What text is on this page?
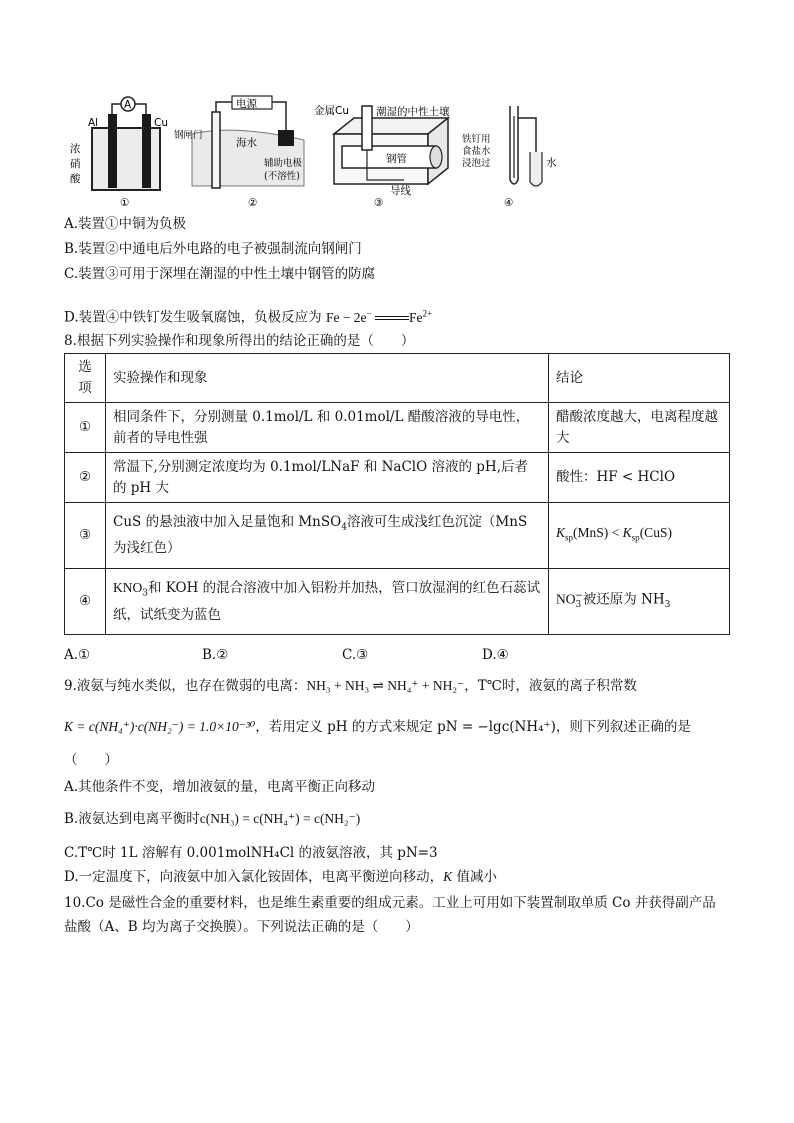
A
Al	Cu
浓
硝
酸
①
电源
钢闸门
海水
辅助电极
(不溶性)
②
金属Cu	潮湿的中性土壤
钢管
导线
③
铁钉用
食盐水
浸泡过	水
④
A.装置①中铜为负极
B.装置②中通电后外电路的电子被强制流向钢闸门
C.装置③可用于深埋在潮湿的中性土壤中钢管的防腐
D.装置④中铁钉发生吸氧腐蚀，负极反应为 Fe − 2e−	$Fe^{2+}$
8.根据下列实验操作和现象所得出的结论正确的是（　　）
选
项	实验操作和现象	结论
①	相同条件下，分别测量 0.1mol/L 和 0.01mol/L 醋酸溶液的导电性，前者的导电性强	醋酸浓度越大，电离程度越大
②	常温下,分别测定浓度均为 0.1mol/LNaF 和 NaClO 溶液的 pH,后者的 pH 大	酸性：HF < HClO
③	CuS 的悬浊液中加入足量饱和 MnSO$_4$溶液可生成浅红色沉淀（MnS 为浅红色）	$K_{sp}(MnS) < K_{sp}(CuS)$
④	$KNO_3$和 KOH 的混合溶液中加入铝粉并加热，管口放湿润的红色石蕊试纸，试纸变为蓝色	$NO_3^-$被还原为 $NH_3$
A.①	B.②	C.③	D.④
9.液氨与纯水类似，也存在微弱的电离：NH₃ + NH₃ ⇌ NH₄⁺ + NH₂⁻，T℃时，液氨的离子积常数
K = c(NH₄⁺)·c(NH₂⁻) = 1.0×10⁻³⁰，若用定义 pH 的方式来规定 pN = −lgc(NH₄⁺)，则下列叙述正确的是
（　　）
A.其他条件不变，增加液氨的量，电离平衡正向移动
B.液氨达到电离平衡时c(NH₃) = c(NH₄⁺) = c(NH₂⁻)
C.T℃时 1L 溶解有 0.001molNH₄Cl 的液氨溶液，其 pN=3
D.一定温度下，向液氨中加入氯化铵固体，电离平衡逆向移动，K 值减小
10.Co 是磁性合金的重要材料，也是维生素重要的组成元素。工业上可用如下装置制取单质 Co 并获得副产品
盐酸（A、B 均为离子交换膜）。下列说法正确的是（　　）
